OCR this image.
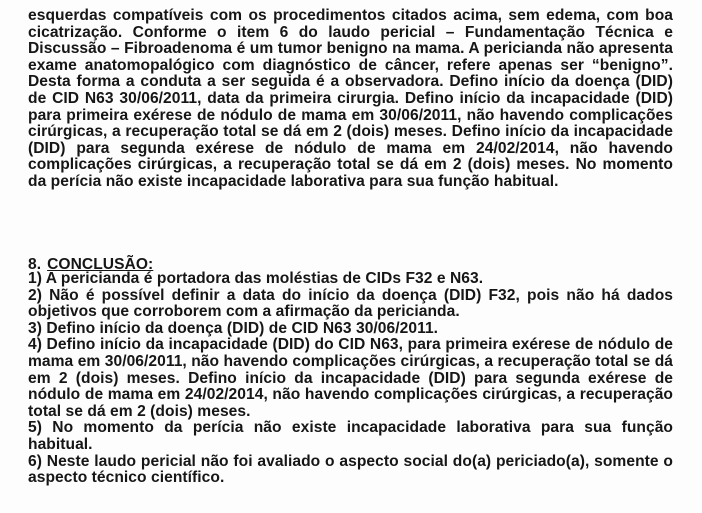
esquerdas compatíveis com os procedimentos citados acima, sem edema, com boa cicatrização. Conforme o item 6 do laudo pericial – Fundamentação Técnica e Discussão – Fibroadenoma é um tumor benigno na mama. A pericianda não apresenta exame anatomopalógico com diagnóstico de câncer, refere apenas ser “benigno”. Desta forma a conduta a ser seguida é a observadora. Defino início da doença (DID) de CID N63 30/06/2011, data da primeira cirurgia. Defino início da incapacidade (DID) para primeira exérese de nódulo de mama em 30/06/2011, não havendo complicações cirúrgicas, a recuperação total se dá em 2 (dois) meses. Defino início da incapacidade (DID) para segunda exérese de nódulo de mama em 24/02/2014, não havendo complicações cirúrgicas, a recuperação total se dá em 2 (dois) meses. No momento da perícia não existe incapacidade laborativa para sua função habitual.

8. CONCLUSÃO:
1) A pericianda é portadora das moléstias de CIDs F32 e N63.
2) Não é possível definir a data do início da doença (DID) F32, pois não há dados objetivos que corroborem com a afirmação da pericianda.
3) Defino início da doença (DID) de CID N63 30/06/2011.
4) Defino início da incapacidade (DID) do CID N63, para primeira exérese de nódulo de mama em 30/06/2011, não havendo complicações cirúrgicas, a recuperação total se dá em 2 (dois) meses. Defino início da incapacidade (DID) para segunda exérese de nódulo de mama em 24/02/2014, não havendo complicações cirúrgicas, a recuperação total se dá em 2 (dois) meses.
5) No momento da perícia não existe incapacidade laborativa para sua função habitual.
6) Neste laudo pericial não foi avaliado o aspecto social do(a) periciado(a), somente o aspecto técnico científico.
